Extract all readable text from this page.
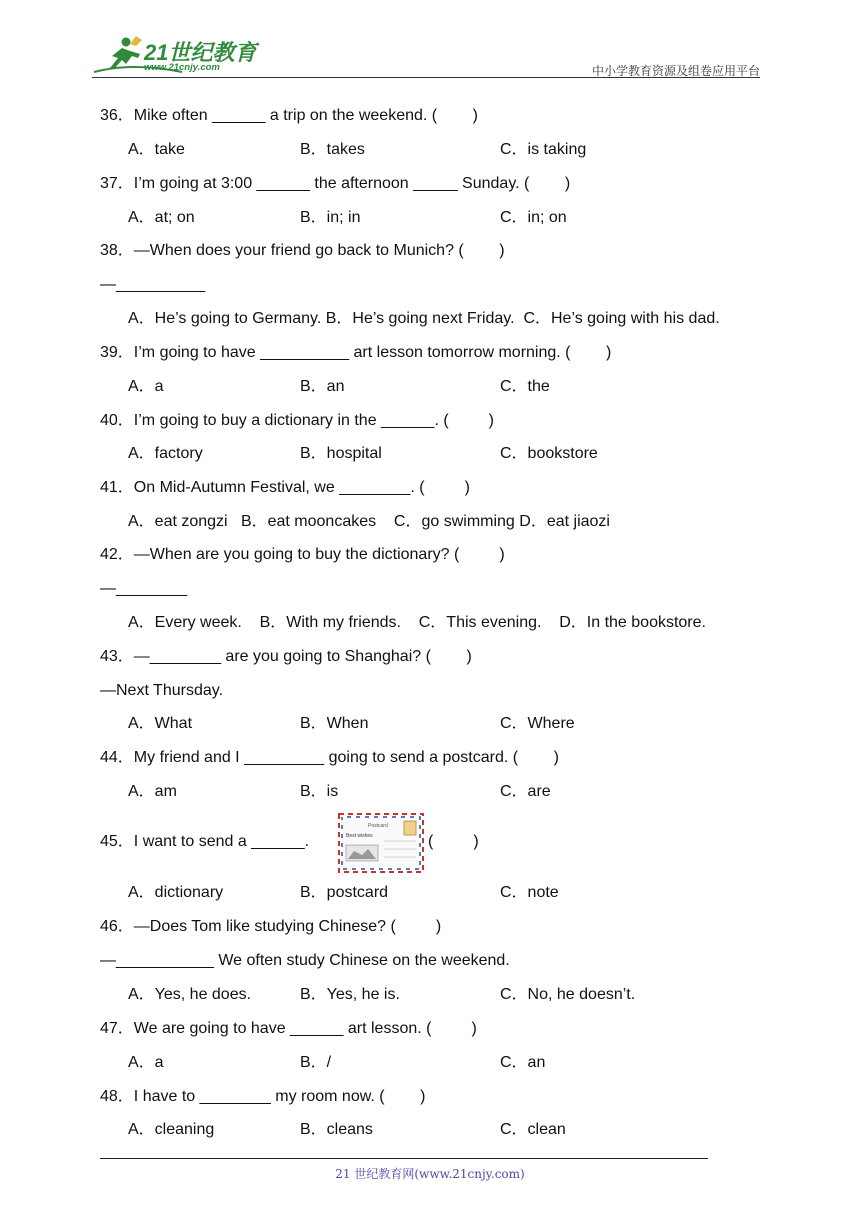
21世纪教育
www.21cnjy.com	中小学教育资源及组卷应用平台
36．Mike often ______ a trip on the weekend. (        )
A．take	B．takes	C．is taking
37．I’m going at 3:00 ______ the afternoon _____ Sunday. (        )
A．at; on	B．in; in	C．in; on
38．—When does your friend go back to Munich? (        )
—__________
A．He’s going to Germany. B．He’s going next Friday.  C．He’s going with his dad.
39．I’m going to have __________ art lesson tomorrow morning. (        )
A．a	B．an	C．the
40．I’m going to buy a dictionary in the ______. (         )
A．factory	B．hospital	C．bookstore
41．On Mid-Autumn Festival, we ________. (         )
A．eat zongzi   B．eat mooncakes    C．go swimming D．eat jiaozi
42．—When are you going to buy the dictionary? (         )
—________
A．Every week.    B．With my friends.    C．This evening.    D．In the bookstore.
43．—________ are you going to Shanghai? (        )
—Next Thursday.
A．What	B．When	C．Where
44．My friend and I _________ going to send a postcard. (        )
A．am	B．is	C．are
45．I want to send a ______.	(         )
A．dictionary	B．postcard	C．note
46．—Does Tom like studying Chinese? (         )
—___________ We often study Chinese on the weekend.
A．Yes, he does.	B．Yes, he is.	C．No, he doesn’t.
47．We are going to have ______ art lesson. (         )
A．a	B．/	C．an
48．I have to ________ my room now. (        )
A．cleaning	B．cleans	C．clean
Postcard
Best wishes
21 世纪教育网(www.21cnjy.com)
